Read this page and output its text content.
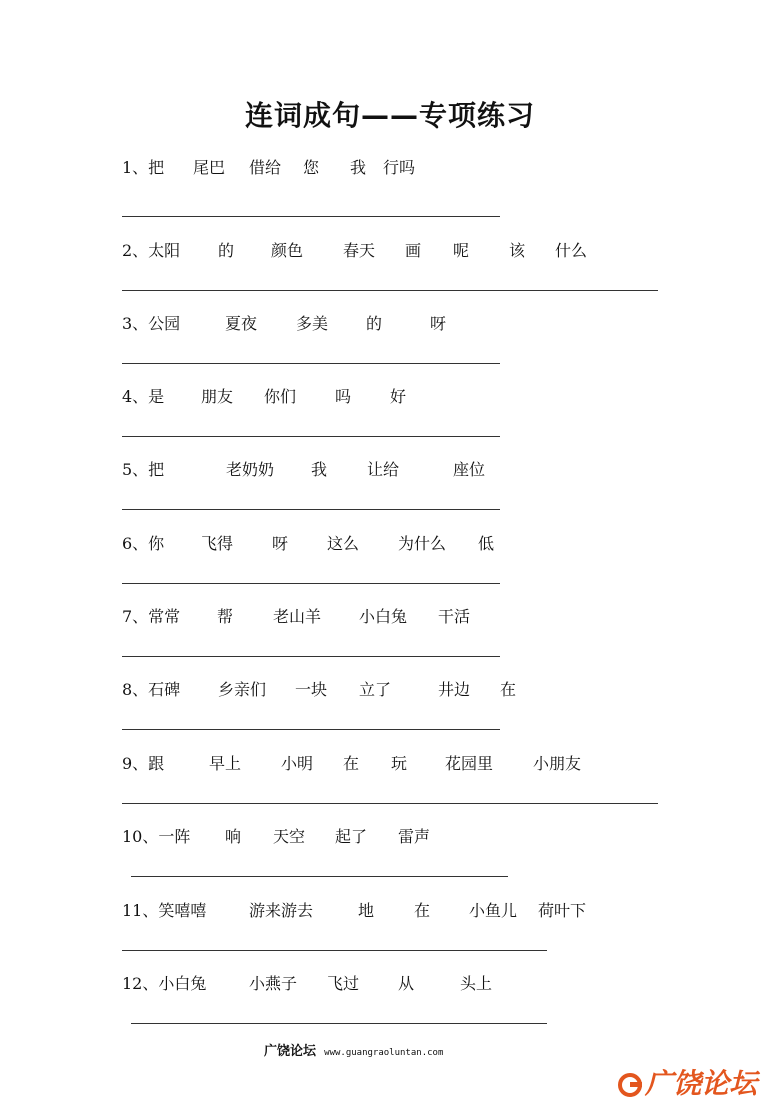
连词成句——专项练习
1、把 尾巴 借给 您 我 行吗
2、太阳 的 颜色 春天 画 呢 该 什么
3、公园	夏夜 多美 的	呀
4、是 朋友 你们 吗 好
5、把	老奶奶 我 让给	座位
6、你 飞得 呀 这么 为什么 低
7、常常 帮 老山羊 小白兔 干活
8、石碑 乡亲们 一块 立了	井边 在
9、跟	早上 小明 在 玩 花园里 小朋友
10、一阵 响 天空 起了 雷声
11、笑嘻嘻	游来游去	地 在 小鱼儿 荷叶下
12、小白兔	小燕子 飞过 从	头上
广饶论坛 www.guangraoluntan.com
广饶论坛
